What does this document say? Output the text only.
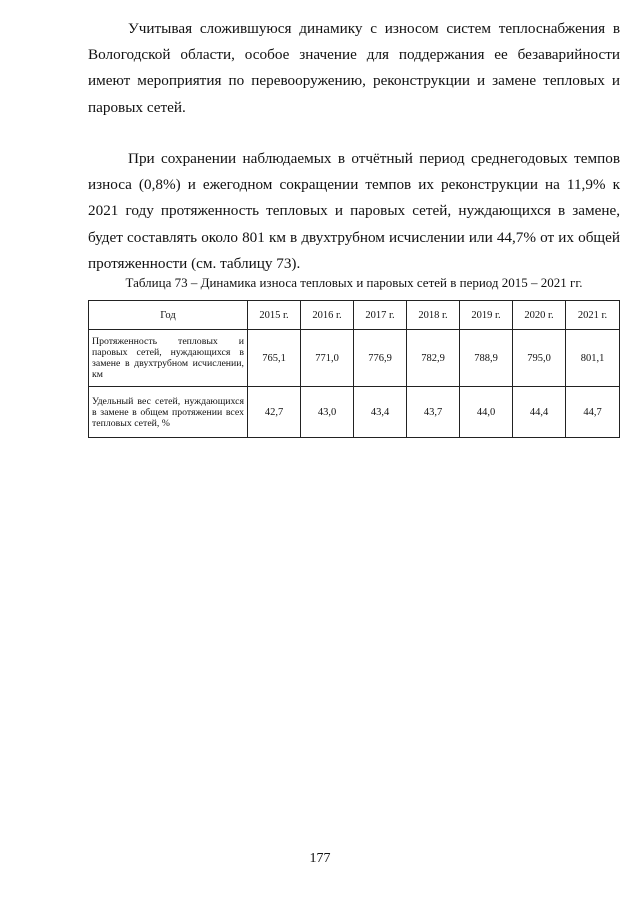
Учитывая сложившуюся динамику с износом систем теплоснабжения в Вологодской области, особое значение для поддержания ее безаварийности имеют мероприятия по перевооружению, реконструкции и замене тепловых и паровых сетей.

При сохранении наблюдаемых в отчётный период среднегодовых темпов износа (0,8%) и ежегодном сокращении темпов их реконструкции на 11,9% к 2021 году протяженность тепловых и паровых сетей, нуждающихся в замене, будет составлять около 801 км в двухтрубном исчислении или 44,7% от их общей протяженности (см. таблицу 73).

Таблица 73 – Динамика износа тепловых и паровых сетей в период 2015 – 2021 гг.
Год	2015 г.	2016 г.	2017 г.	2018 г.	2019 г.	2020 г.	2021 г.
Протяженность тепловых и паровых сетей, нуждающихся в замене в двухтрубном исчислении, км	765,1	771,0	776,9	782,9	788,9	795,0	801,1
Удельный вес сетей, нуждающихся в замене в общем протяжении всех тепловых сетей, %	42,7	43,0	43,4	43,7	44,0	44,4	44,7
177
